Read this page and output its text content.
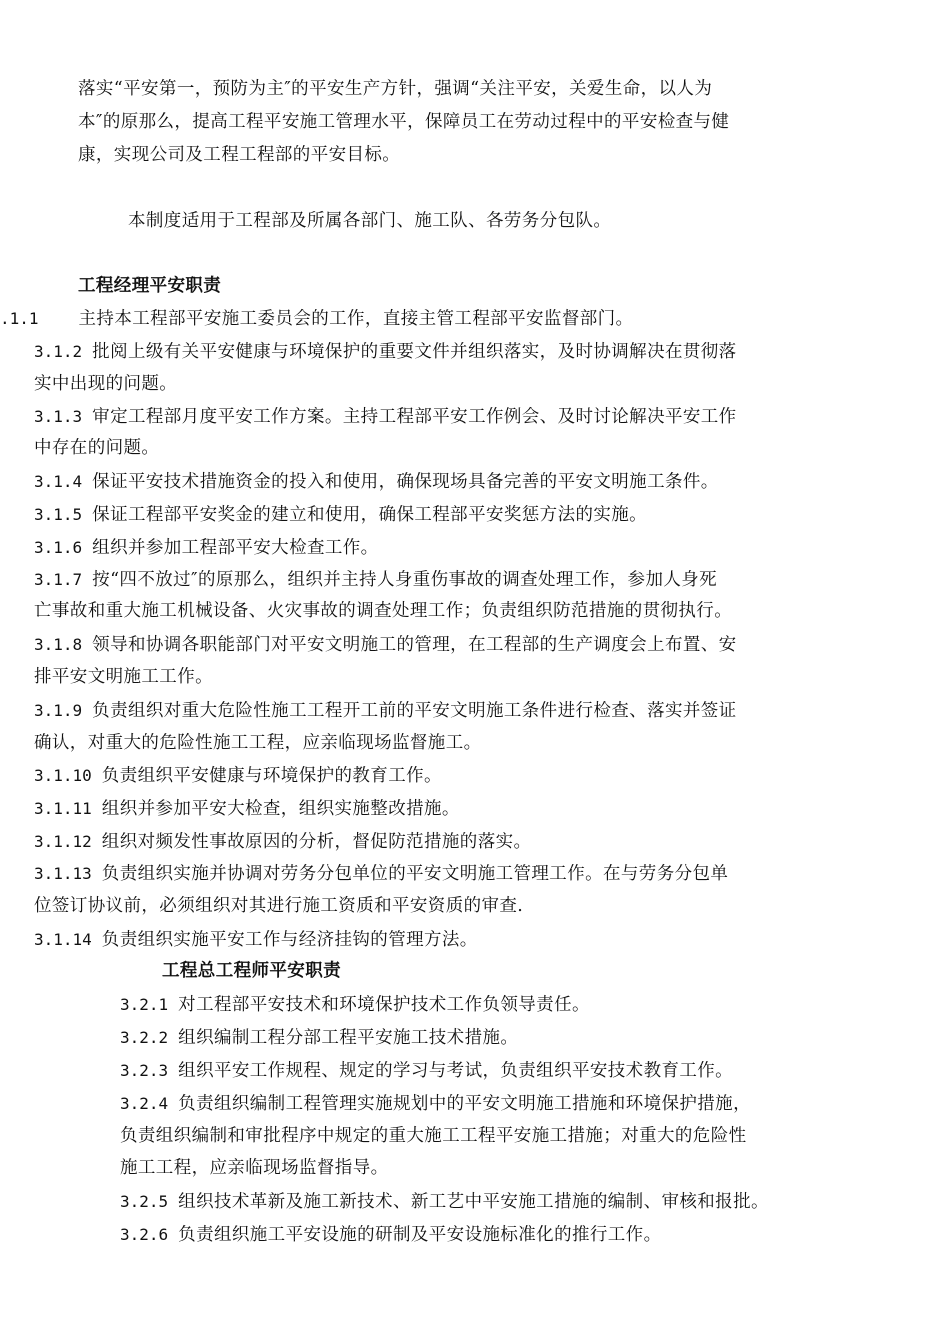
落实“平安第一，预防为主″的平安生产方针，强调“关注平安，关爱生命，以人为
本″的原那么，提高工程平安施工管理水平，保障员工在劳动过程中的平安检查与健
康，实现公司及工程工程部的平安目标。
本制度适用于工程部及所属各部门、施工队、各劳务分包队。
工程经理平安职责
.1.1 主持本工程部平安施工委员会的工作，直接主管工程部平安监督部门。
3.1.2 批阅上级有关平安健康与环境保护的重要文件并组织落实，及时协调解决在贯彻落
实中出现的问题。
3.1.3 审定工程部月度平安工作方案。主持工程部平安工作例会、及时讨论解决平安工作
中存在的问题。
3.1.4 保证平安技术措施资金的投入和使用，确保现场具备完善的平安文明施工条件。
3.1.5 保证工程部平安奖金的建立和使用，确保工程部平安奖惩方法的实施。
3.1.6 组织并参加工程部平安大检查工作。
3.1.7 按“四不放过″的原那么，组织并主持人身重伤事故的调查处理工作，参加人身死
亡事故和重大施工机械设备、火灾事故的调查处理工作；负责组织防范措施的贯彻执行。
3.1.8 领导和协调各职能部门对平安文明施工的管理，在工程部的生产调度会上布置、安
排平安文明施工工作。
3.1.9 负责组织对重大危险性施工工程开工前的平安文明施工条件进行检查、落实并签证
确认，对重大的危险性施工工程，应亲临现场监督施工。
3.1.10 负责组织平安健康与环境保护的教育工作。
3.1.11 组织并参加平安大检查，组织实施整改措施。
3.1.12 组织对频发性事故原因的分析，督促防范措施的落实。
3.1.13 负责组织实施并协调对劳务分包单位的平安文明施工管理工作。在与劳务分包单
位签订协议前，必须组织对其进行施工资质和平安资质的审查.
3.1.14 负责组织实施平安工作与经济挂钩的管理方法。
工程总工程师平安职责
3.2.1 对工程部平安技术和环境保护技术工作负领导责任。
3.2.2 组织编制工程分部工程平安施工技术措施。
3.2.3 组织平安工作规程、规定的学习与考试，负责组织平安技术教育工作。
3.2.4 负责组织编制工程管理实施规划中的平安文明施工措施和环境保护措施，
负责组织编制和审批程序中规定的重大施工工程平安施工措施；对重大的危险性
施工工程，应亲临现场监督指导。
3.2.5 组织技术革新及施工新技术、新工艺中平安施工措施的编制、审核和报批。
3.2.6 负责组织施工平安设施的研制及平安设施标准化的推行工作。
